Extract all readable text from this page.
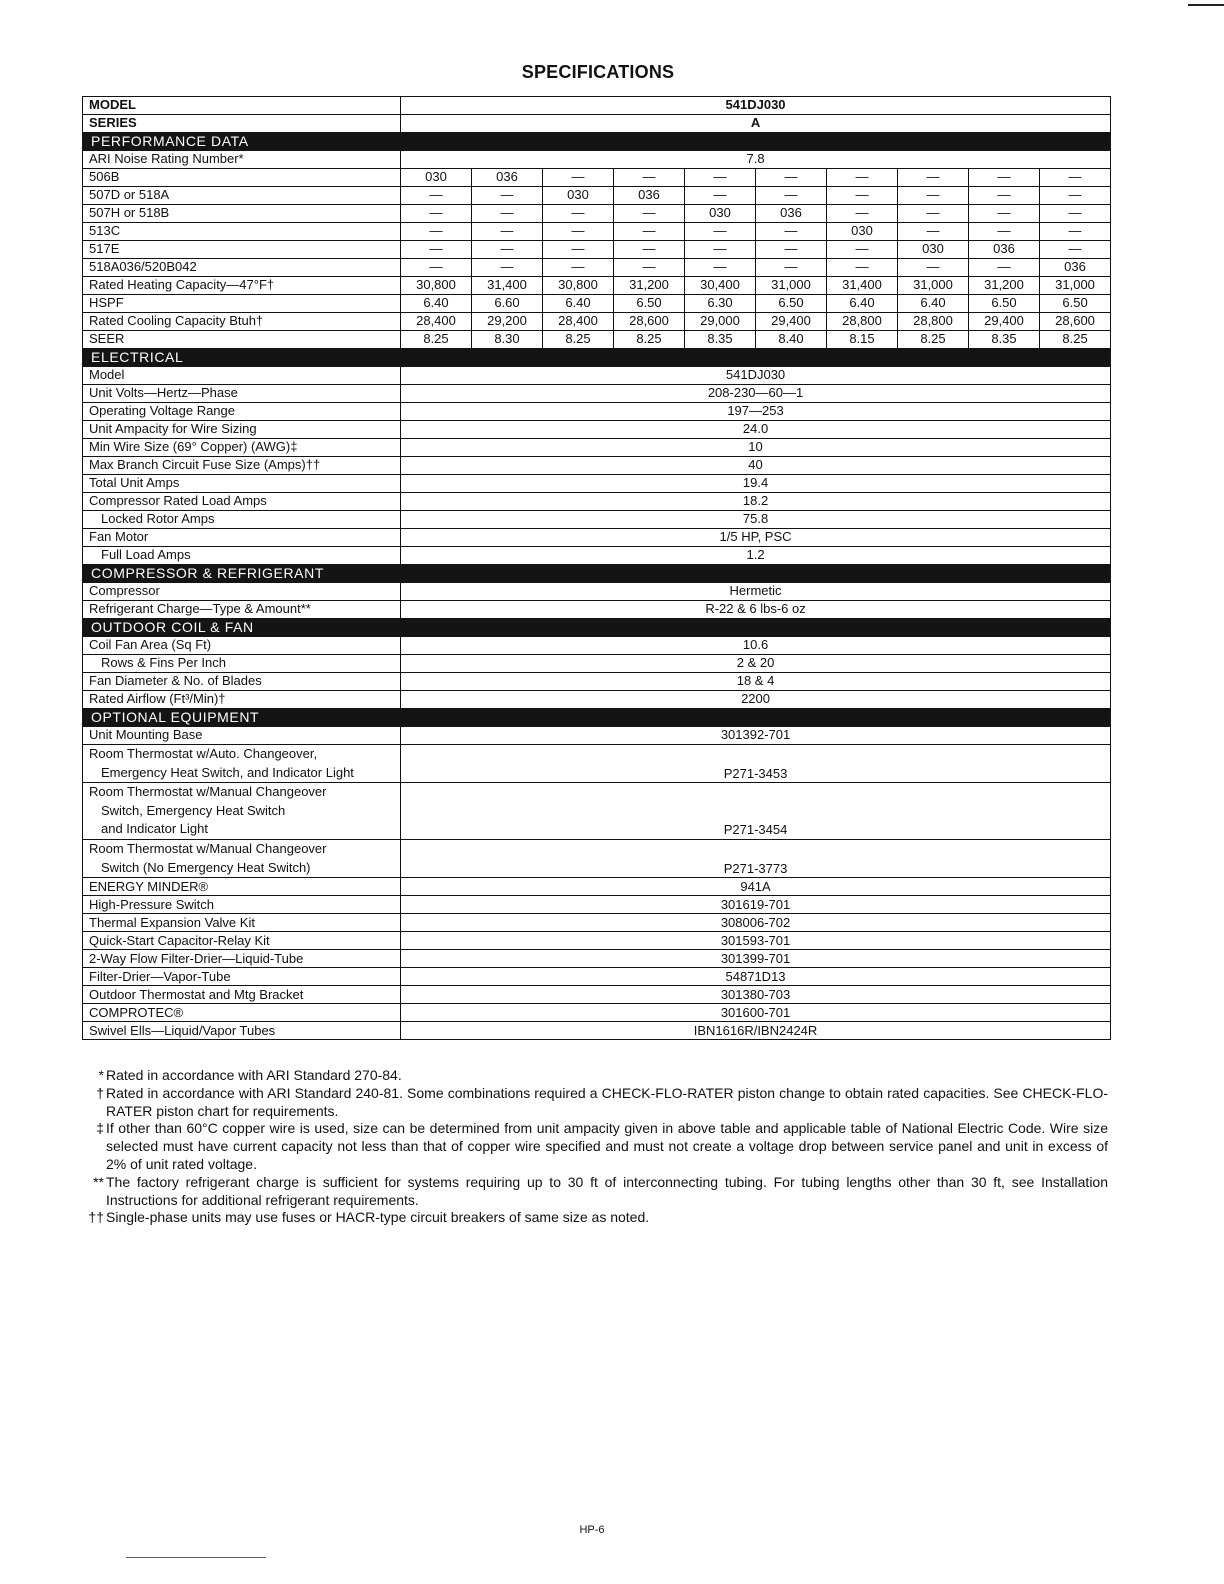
SPECIFICATIONS
MODEL	541DJ030									
SERIES	A									
PERFORMANCE DATA										
ARI Noise Rating Number*	7.8									
506B	030	036	—	—	—	—	—	—	—	—
507D or 518A	—	—	030	036	—	—	—	—	—	—
507H or 518B	—	—	—	—	030	036	—	—	—	—
513C	—	—	—	—	—	—	030	—	—	—
517E	—	—	—	—	—	—	—	030	036	—
518A036/520B042	—	—	—	—	—	—	—	—	—	036
Rated Heating Capacity—47°F†	30,800	31,400	30,800	31,200	30,400	31,000	31,400	31,000	31,200	31,000
HSPF	6.40	6.60	6.40	6.50	6.30	6.50	6.40	6.40	6.50	6.50
Rated Cooling Capacity Btuh†	28,400	29,200	28,400	28,600	29,000	29,400	28,800	28,800	29,400	28,600
SEER	8.25	8.30	8.25	8.25	8.35	8.40	8.15	8.25	8.35	8.25
ELECTRICAL										
Model	541DJ030									
Unit Volts—Hertz—Phase	208-230—60—1									
Operating Voltage Range	197—253									
Unit Ampacity for Wire Sizing	24.0									
Min Wire Size (69° Copper) (AWG)‡	10									
Max Branch Circuit Fuse Size (Amps)††	40									
Total Unit Amps	19.4									
Compressor Rated Load Amps	18.2									
Locked Rotor Amps	75.8									
Fan Motor	1/5 HP, PSC									
Full Load Amps	1.2									
COMPRESSOR & REFRIGERANT										
Compressor	Hermetic									
Refrigerant Charge—Type & Amount**	R-22 & 6 lbs-6 oz									
OUTDOOR COIL & FAN										
Coil Fan Area (Sq Ft)	10.6									
Rows & Fins Per Inch	2 & 20									
Fan Diameter & No. of Blades	18 & 4									
Rated Airflow (Ft³/Min)†	2200									
OPTIONAL EQUIPMENT										
Unit Mounting Base	301392-701									

Room Thermostat w/Auto. Changeover,
Emergency Heat Switch, and Indicator Light	P271-3453									

Room Thermostat w/Manual Changeover
Switch, Emergency Heat Switch
and Indicator Light	P271-3454									

Room Thermostat w/Manual Changeover
Switch (No Emergency Heat Switch)	P271-3773									
ENERGY MINDER®	941A									
High-Pressure Switch	301619-701									
Thermal Expansion Valve Kit	308006-702									
Quick-Start Capacitor-Relay Kit	301593-701									
2-Way Flow Filter-Drier—Liquid-Tube	301399-701									
Filter-Drier—Vapor-Tube	54871D13									
Outdoor Thermostat and Mtg Bracket	301380-703									
COMPROTEC®	301600-701									
Swivel Ells—Liquid/Vapor Tubes	IBN1616R/IBN2424R									
* Rated in accordance with ARI Standard 270-84.
† Rated in accordance with ARI Standard 240-81. Some combinations required a CHECK-FLO-RATER piston change to obtain rated capacities. See CHECK-FLO-RATER piston chart for requirements.
‡ If other than 60°C copper wire is used, size can be determined from unit ampacity given in above table and applicable table of National Electric Code. Wire size selected must have current capacity not less than that of copper wire specified and must not create a voltage drop between service panel and unit in excess of 2% of unit rated voltage.
** The factory refrigerant charge is sufficient for systems requiring up to 30 ft of interconnecting tubing. For tubing lengths other than 30 ft, see Installation Instructions for additional refrigerant requirements.
†† Single-phase units may use fuses or HACR-type circuit breakers of same size as noted.
HP-6
